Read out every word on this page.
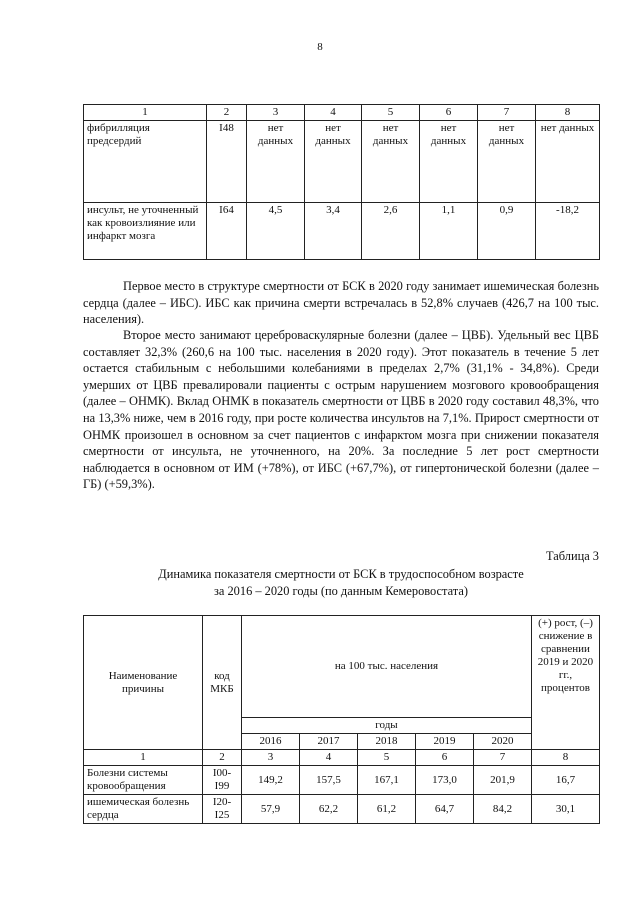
8
1	2	3	4	5	6	7	8
фибрилляция предсердий	I48	нет данных	нет данных	нет данных	нет данных	нет данных	нет данных
инсульт, не уточненный как кровоизлияние или инфаркт мозга	I64	4,5	3,4	2,6	1,1	0,9	-18,2

Первое место в структуре смертности от БСК в 2020 году занимает ишемическая болезнь сердца (далее – ИБС). ИБС как причина смерти встречалась в 52,8% случаев (426,7 на 100 тыс. населения).

Второе место занимают цереброваскулярные болезни (далее – ЦВБ). Удельный вес ЦВБ составляет 32,3% (260,6 на 100 тыс. населения в 2020 году). Этот показатель в течение 5 лет остается стабильным с небольшими колебаниями в пределах 2,7% (31,1% - 34,8%). Среди умерших от ЦВБ превалировали пациенты с острым нарушением мозгового кровообращения (далее – ОНМК). Вклад ОНМК в показатель смертности от ЦВБ в 2020 году составил 48,3%, что на 13,3% ниже, чем в 2016 году, при росте количества инсультов на 7,1%. Прирост смертности от ОНМК произошел в основном за счет пациентов с инфарктом мозга при снижении показателя смертности от инсульта, не уточненного, на 20%. За последние 5 лет рост смертности наблюдается в основном от ИМ (+78%), от ИБС (+67,7%), от гипертонической болезни (далее – ГБ) (+59,3%).

Таблица 3
Динамика показателя смертности от БСК в трудоспособном возрасте
за 2016 – 2020 годы (по данным Кемеровостата)
Наименование причины	код МКБ	на 100 тыс. населения					(+) рост, (–) снижение в сравнении 2019 и 2020 гг., процентов
		годы					
		2016	2017	2018	2019	2020	
1	2	3	4	5	6	7	8
Болезни системы кровообращения	I00-I99	149,2	157,5	167,1	173,0	201,9	16,7
ишемическая болезнь сердца	I20-I25	57,9	62,2	61,2	64,7	84,2	30,1
